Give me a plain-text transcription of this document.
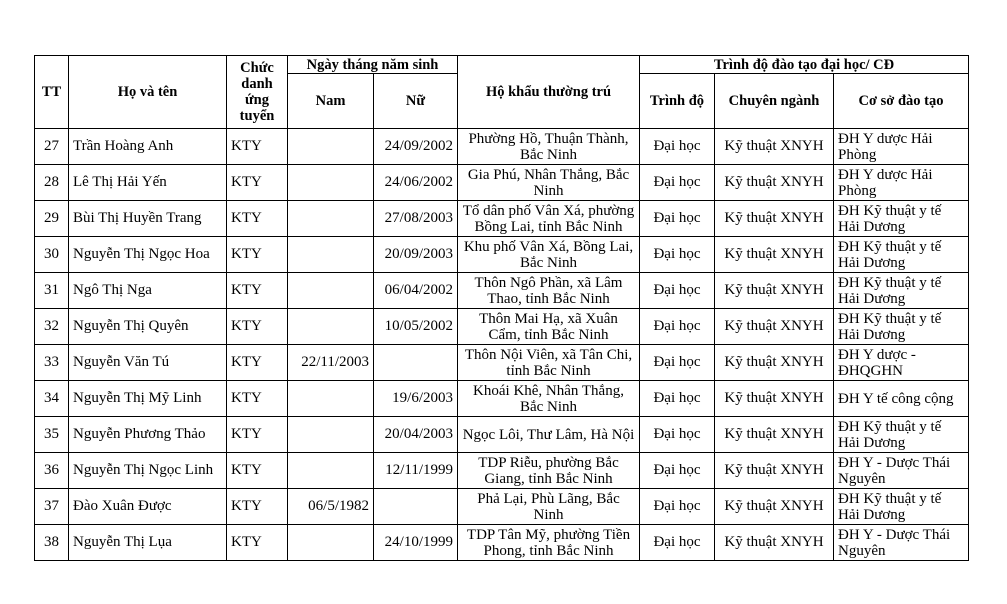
TT	Họ và tên	Chức danh ứng tuyển	Ngày tháng năm sinh		Hộ khẩu thường trú	Trình độ đào tạo đại học/ CĐ		
			Nam	Nữ		Trình độ	Chuyên ngành	Cơ sở đào tạo
27	Trần Hoàng Anh	KTY		24/09/2002	Phường Hồ, Thuận Thành, Bắc Ninh	Đại học	Kỹ thuật XNYH	ĐH Y dược Hải Phòng
28	Lê Thị Hải Yến	KTY		24/06/2002	Gia Phú, Nhân Thắng, Bắc Ninh	Đại học	Kỹ thuật XNYH	ĐH Y dược Hải Phòng
29	Bùi Thị Huyền Trang	KTY		27/08/2003	Tổ dân phố Vân Xá, phường Bồng Lai, tỉnh Bắc Ninh	Đại học	Kỹ thuật XNYH	ĐH Kỹ thuật y tế Hải Dương
30	Nguyễn Thị Ngọc Hoa	KTY		20/09/2003	Khu phố Vân Xá, Bồng Lai, Bắc Ninh	Đại học	Kỹ thuật XNYH	ĐH Kỹ thuật y tế Hải Dương
31	Ngô Thị Nga	KTY		06/04/2002	Thôn Ngô Phần, xã Lâm Thao, tỉnh Bắc Ninh	Đại học	Kỹ thuật XNYH	ĐH Kỹ thuật y tế Hải Dương
32	Nguyễn Thị Quyên	KTY		10/05/2002	Thôn Mai Hạ, xã Xuân Cẩm, tỉnh Bắc Ninh	Đại học	Kỹ thuật XNYH	ĐH Kỹ thuật y tế Hải Dương
33	Nguyễn Văn Tú	KTY	22/11/2003		Thôn Nội Viên, xã Tân Chi, tỉnh Bắc Ninh	Đại học	Kỹ thuật XNYH	ĐH Y dược - ĐHQGHN
34	Nguyễn Thị Mỹ Linh	KTY		19/6/2003	Khoái Khê, Nhân Thắng, Bắc Ninh	Đại học	Kỹ thuật XNYH	ĐH Y tế công cộng
35	Nguyễn Phương Thảo	KTY		20/04/2003	Ngọc Lôi, Thư Lâm, Hà Nội	Đại học	Kỹ thuật XNYH	ĐH Kỹ thuật y tế Hải Dương
36	Nguyễn Thị Ngọc Linh	KTY		12/11/1999	TDP Riễu, phường Bắc Giang, tỉnh Bắc Ninh	Đại học	Kỹ thuật XNYH	ĐH Y - Dược Thái Nguyên
37	Đào Xuân Được	KTY	06/5/1982		Phả Lại, Phù Lãng, Bắc Ninh	Đại học	Kỹ thuật XNYH	ĐH Kỹ thuật y tế Hải Dương
38	Nguyễn Thị Lụa	KTY		24/10/1999	TDP Tân Mỹ, phường Tiền Phong, tỉnh Bắc Ninh	Đại học	Kỹ thuật XNYH	ĐH Y - Dược Thái Nguyên
